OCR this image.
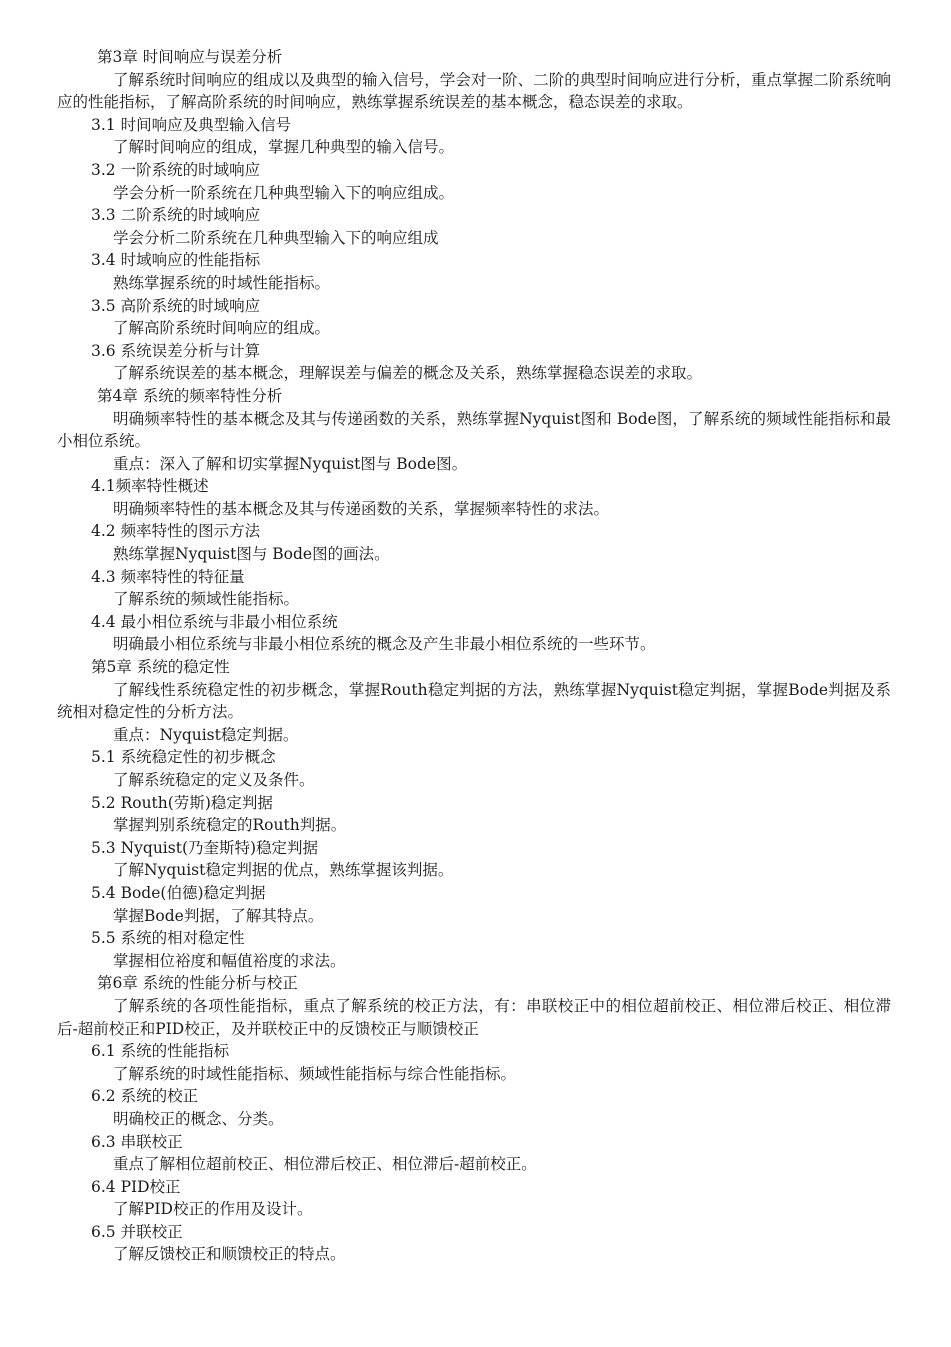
第3章 时间响应与误差分析
了解系统时间响应的组成以及典型的输入信号，学会对一阶、二阶的典型时间响应进行分析，重点掌握二阶系统响应的性能指标，了解高阶系统的时间响应，熟练掌握系统误差的基本概念，稳态误差的求取。
3.1 时间响应及典型输入信号
了解时间响应的组成，掌握几种典型的输入信号。
3.2 一阶系统的时域响应
学会分析一阶系统在几种典型输入下的响应组成。
3.3 二阶系统的时域响应
学会分析二阶系统在几种典型输入下的响应组成
3.4 时域响应的性能指标
熟练掌握系统的时域性能指标。
3.5 高阶系统的时域响应
了解高阶系统时间响应的组成。
3.6 系统误差分析与计算
了解系统误差的基本概念，理解误差与偏差的概念及关系，熟练掌握稳态误差的求取。
第4章 系统的频率特性分析
明确频率特性的基本概念及其与传递函数的关系，熟练掌握Nyquist图和 Bode图，了解系统的频域性能指标和最小相位系统。
重点：深入了解和切实掌握Nyquist图与 Bode图。
4.1频率特性概述
明确频率特性的基本概念及其与传递函数的关系，掌握频率特性的求法。
4.2 频率特性的图示方法
熟练掌握Nyquist图与 Bode图的画法。
4.3 频率特性的特征量
了解系统的频域性能指标。
4.4 最小相位系统与非最小相位系统
明确最小相位系统与非最小相位系统的概念及产生非最小相位系统的一些环节。
第5章 系统的稳定性
了解线性系统稳定性的初步概念，掌握Routh稳定判据的方法，熟练掌握Nyquist稳定判据，掌握Bode判据及系统相对稳定性的分析方法。
重点：Nyquist稳定判据。
5.1 系统稳定性的初步概念
了解系统稳定的定义及条件。
5.2 Routh(劳斯)稳定判据
掌握判别系统稳定的Routh判据。
5.3 Nyquist(乃奎斯特)稳定判据
了解Nyquist稳定判据的优点，熟练掌握该判据。
5.4 Bode(伯德)稳定判据
掌握Bode判据，了解其特点。
5.5 系统的相对稳定性
掌握相位裕度和幅值裕度的求法。
第6章 系统的性能分析与校正
了解系统的各项性能指标，重点了解系统的校正方法，有：串联校正中的相位超前校正、相位滞后校正、相位滞后-超前校正和PID校正，及并联校正中的反馈校正与顺馈校正
6.1 系统的性能指标
了解系统的时域性能指标、频域性能指标与综合性能指标。
6.2 系统的校正
明确校正的概念、分类。
6.3 串联校正
重点了解相位超前校正、相位滞后校正、相位滞后-超前校正。
6.4 PID校正
了解PID校正的作用及设计。
6.5 并联校正
了解反馈校正和顺馈校正的特点。
